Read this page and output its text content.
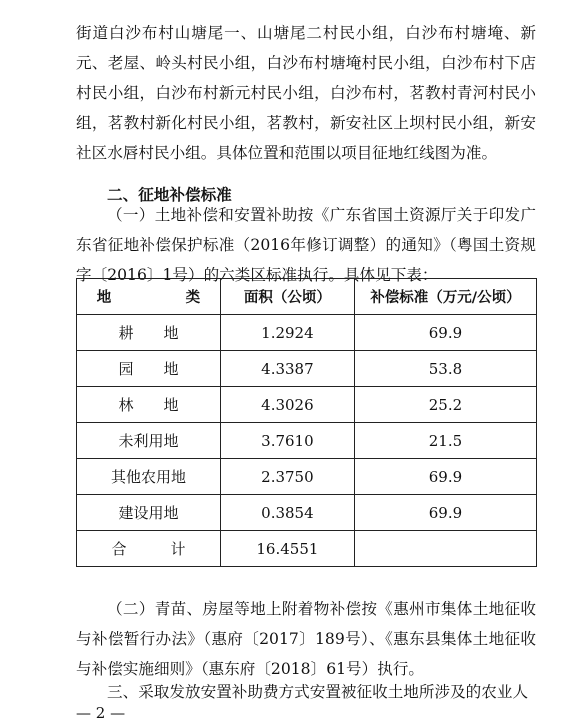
街道白沙布村山塘尾一、山塘尾二村民小组，白沙布村塘埯、新元、老屋、岭头村民小组，白沙布村塘埯村民小组，白沙布村下店村民小组，白沙布村新元村民小组，白沙布村，茗教村青河村民小组，茗教村新化村民小组，茗教村，新安社区上坝村民小组，新安社区水唇村民小组。具体位置和范围以项目征地红线图为准。

二、征地补偿标准

（一）土地补偿和安置补助按《广东省国土资源厅关于印发广东省征地补偿保护标准（2016年修订调整）的通知》（粤国土资规字〔2016〕1号）的六类区标准执行。具体见下表：

地　类	面积（公顷）	补偿标准（万元/公顷）
耕地	1.2924	69.9
园地	4.3387	53.8
林地	4.3026	25.2
未利用地	3.7610	21.5
其他农用地	2.3750	69.9
建设用地	0.3854	69.9
合计	16.4551	

（二）青苗、房屋等地上附着物补偿按《惠州市集体土地征收与补偿暂行办法》（惠府〔2017〕189号）、《惠东县集体土地征收与补偿实施细则》（惠东府〔2018〕61号）执行。

三、采取发放安置补助费方式安置被征收土地所涉及的农业人

— 2 —
